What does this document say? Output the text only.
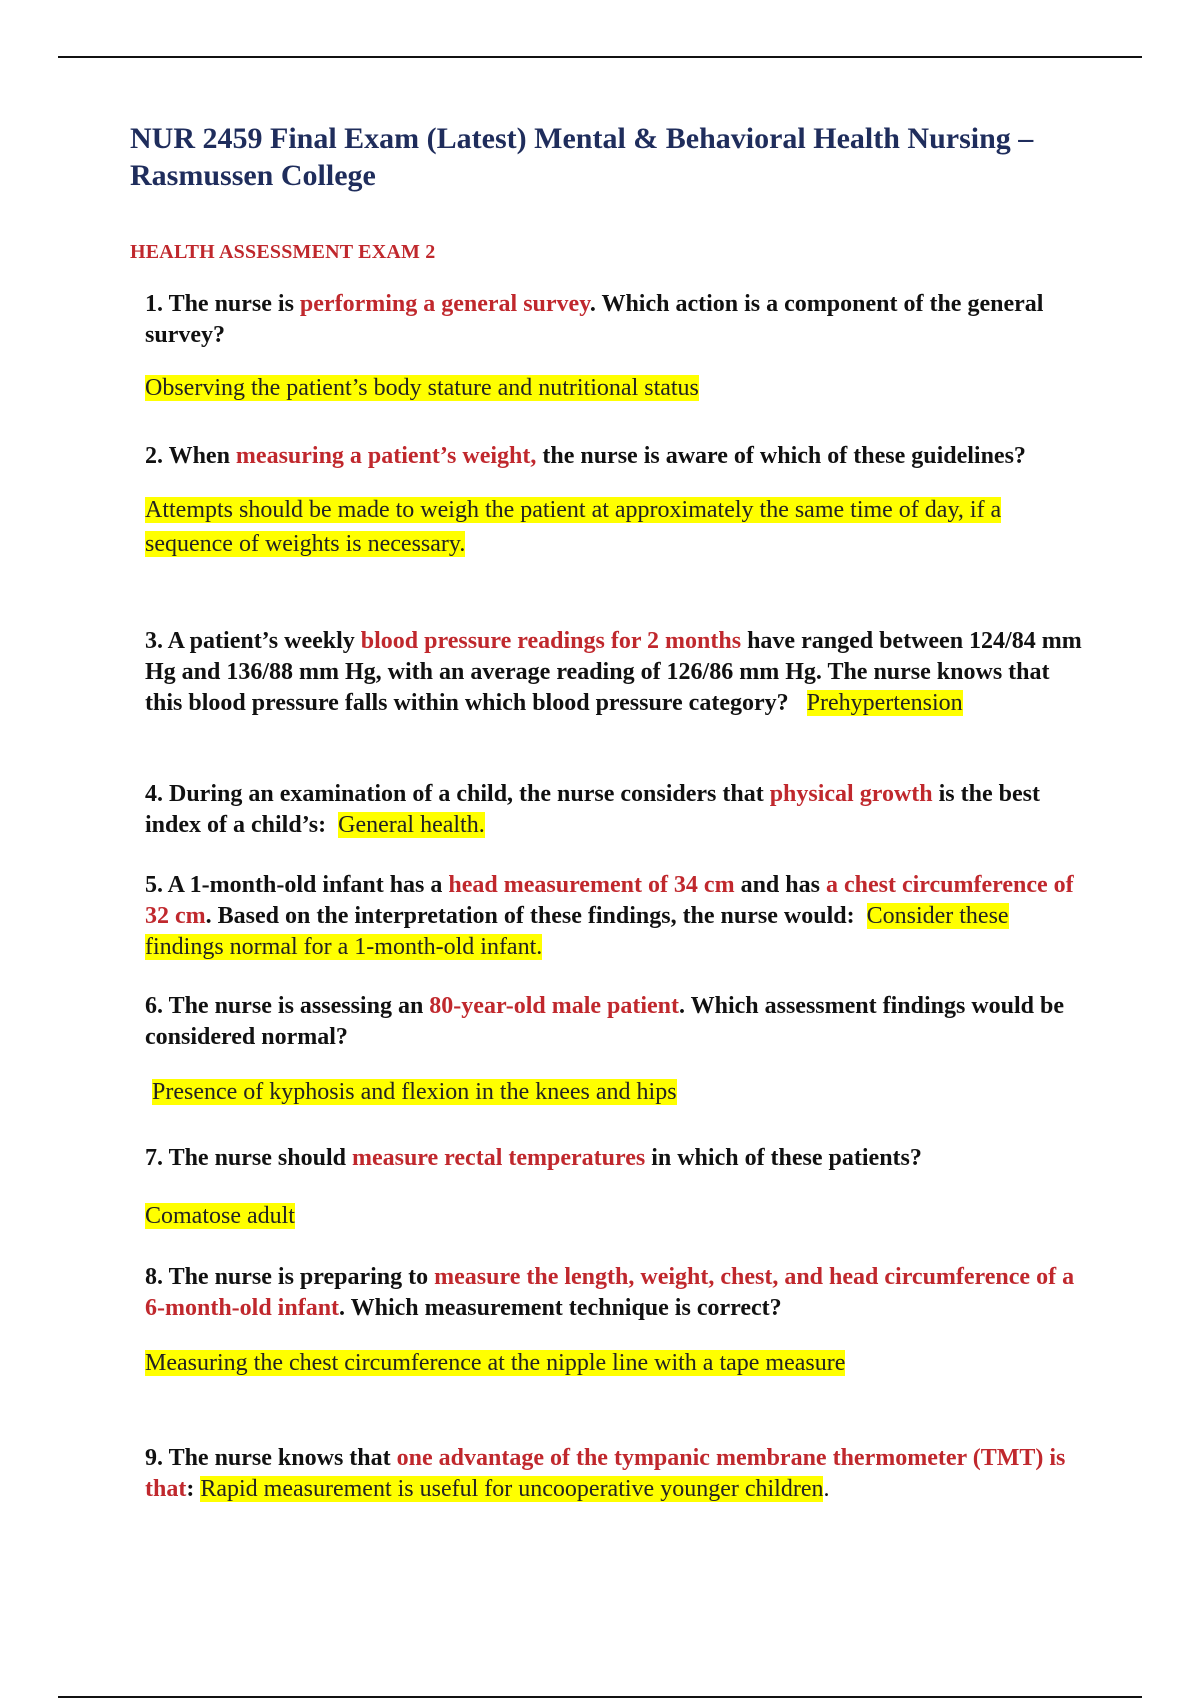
NUR 2459 Final Exam (Latest) Mental & Behavioral Health Nursing – Rasmussen College
HEALTH ASSESSMENT EXAM 2

1. The nurse is performing a general survey. Which action is a component of the general survey?

Observing the patient’s body stature and nutritional status

2. When measuring a patient’s weight, the nurse is aware of which of these guidelines?

Attempts should be made to weigh the patient at approximately the same time of day, if a sequence of weights is necessary.

3. A patient’s weekly blood pressure readings for 2 months have ranged between 124/84 mm Hg and 136/88 mm Hg, with an average reading of 126/86 mm Hg. The nurse knows that this blood pressure falls within which blood pressure category? Prehypertension

4. During an examination of a child, the nurse considers that physical growth is the best index of a child’s: General health.

5. A 1-month-old infant has a head measurement of 34 cm and has a chest circumference of 32 cm. Based on the interpretation of these findings, the nurse would: Consider these findings normal for a 1-month-old infant.

6. The nurse is assessing an 80-year-old male patient. Which assessment findings would be considered normal?

Presence of kyphosis and flexion in the knees and hips

7. The nurse should measure rectal temperatures in which of these patients?

Comatose adult

8. The nurse is preparing to measure the length, weight, chest, and head circumference of a 6-month-old infant. Which measurement technique is correct?

Measuring the chest circumference at the nipple line with a tape measure

9. The nurse knows that one advantage of the tympanic membrane thermometer (TMT) is that: Rapid measurement is useful for uncooperative younger children.
